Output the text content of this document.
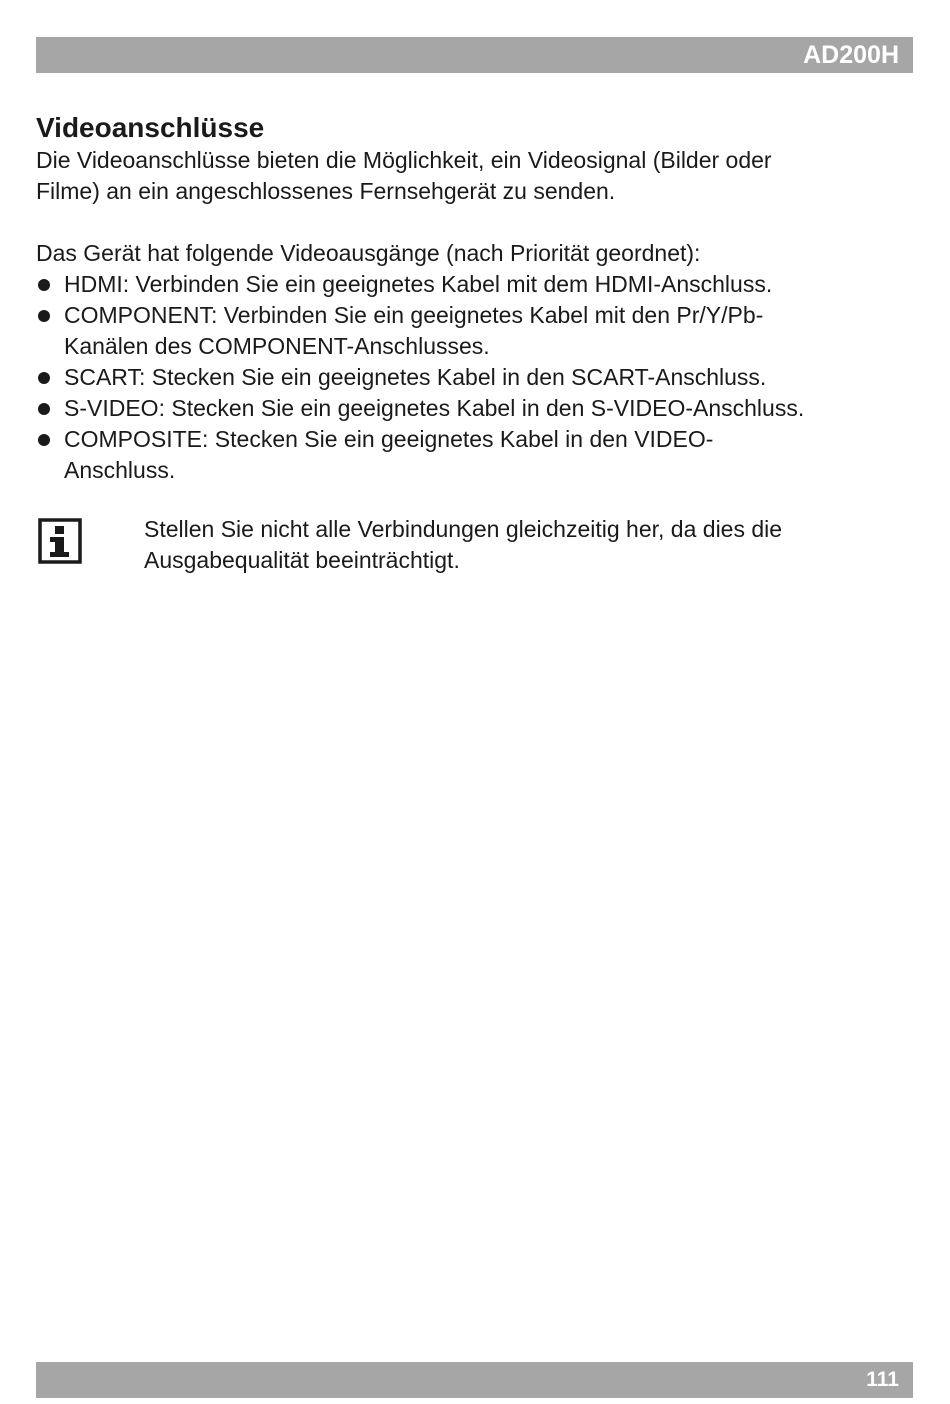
AD200H
Videoanschlüsse

Die Videoanschlüsse bieten die Möglichkeit, ein Videosignal (Bilder oder
Filme) an ein angeschlossenes Fernsehgerät zu senden.

Das Gerät hat folgende Videoausgänge (nach Priorität geordnet):

HDMI: Verbinden Sie ein geeignetes Kabel mit dem HDMI-Anschluss.
COMPONENT: Verbinden Sie ein geeignetes Kabel mit den Pr/Y/Pb-
Kanälen des COMPONENT-Anschlusses.
SCART: Stecken Sie ein geeignetes Kabel in den SCART-Anschluss.
S-VIDEO: Stecken Sie ein geeignetes Kabel in den S-VIDEO-Anschluss.
COMPOSITE: Stecken Sie ein geeignetes Kabel in den VIDEO-
Anschluss.
Stellen Sie nicht alle Verbindungen gleichzeitig her, da dies die
Ausgabequalität beeinträchtigt.
111
